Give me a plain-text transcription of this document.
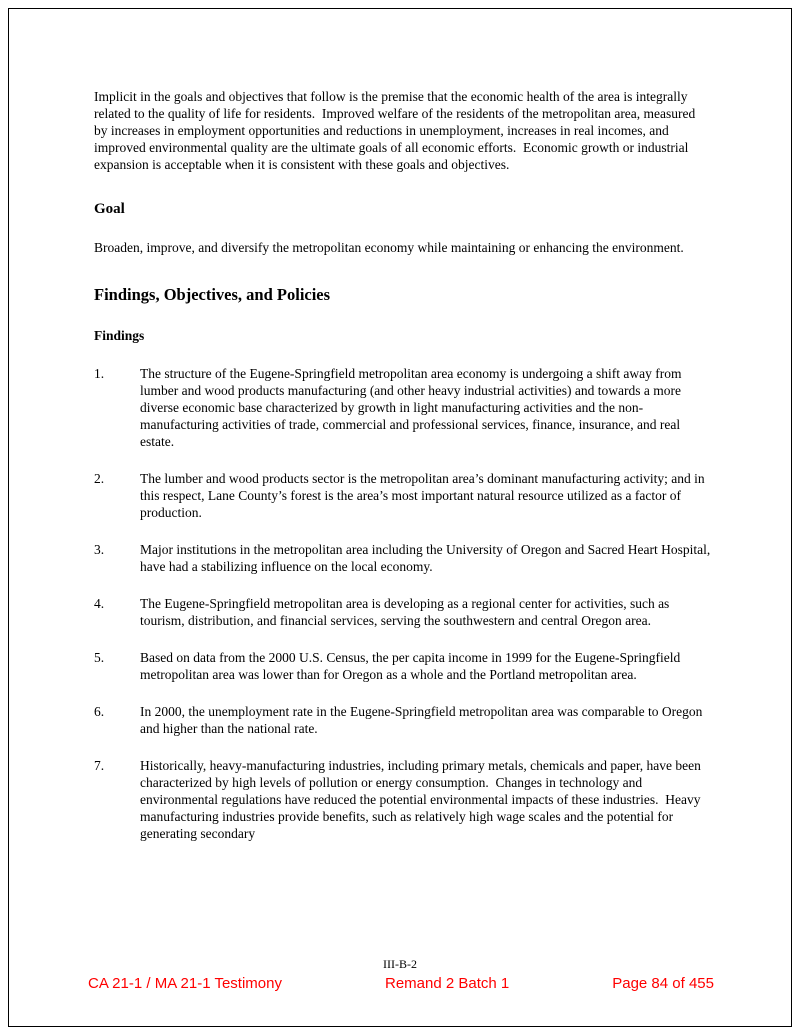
Implicit in the goals and objectives that follow is the premise that the economic health of the area is integrally related to the quality of life for residents.  Improved welfare of the residents of the metropolitan area, measured by increases in employment opportunities and reductions in unemployment, increases in real incomes, and improved environmental quality are the ultimate goals of all economic efforts.  Economic growth or industrial expansion is acceptable when it is consistent with these goals and objectives.

Goal

Broaden, improve, and diversify the metropolitan economy while maintaining or enhancing the environment.

Findings, Objectives, and Policies
Findings
1.	The structure of the Eugene-Springfield metropolitan area economy is undergoing a shift away from lumber and wood products manufacturing (and other heavy industrial activities) and towards a more diverse economic base characterized by growth in light manufacturing activities and the non-manufacturing activities of trade, commercial and professional services, finance, insurance, and real estate.
2.	The lumber and wood products sector is the metropolitan area’s dominant manufacturing activity; and in this respect, Lane County’s forest is the area’s most important natural resource utilized as a factor of production.
3.	Major institutions in the metropolitan area including the University of Oregon and Sacred Heart Hospital, have had a stabilizing influence on the local economy.
4.	The Eugene-Springfield metropolitan area is developing as a regional center for activities, such as tourism, distribution, and financial services, serving the southwestern and central Oregon area.
5.	Based on data from the 2000 U.S. Census, the per capita income in 1999 for the Eugene-Springfield metropolitan area was lower than for Oregon as a whole and the Portland metropolitan area.
6.	In 2000, the unemployment rate in the Eugene-Springfield metropolitan area was comparable to Oregon and higher than the national rate.
7.	Historically, heavy-manufacturing industries, including primary metals, chemicals and paper, have been characterized by high levels of pollution or energy consumption.  Changes in technology and environmental regulations have reduced the potential environmental impacts of these industries.  Heavy manufacturing industries provide benefits, such as relatively high wage scales and the potential for generating secondary
III-B-2
CA 21-1 / MA 21-1 Testimony	Remand 2 Batch 1	Page 84 of 455
